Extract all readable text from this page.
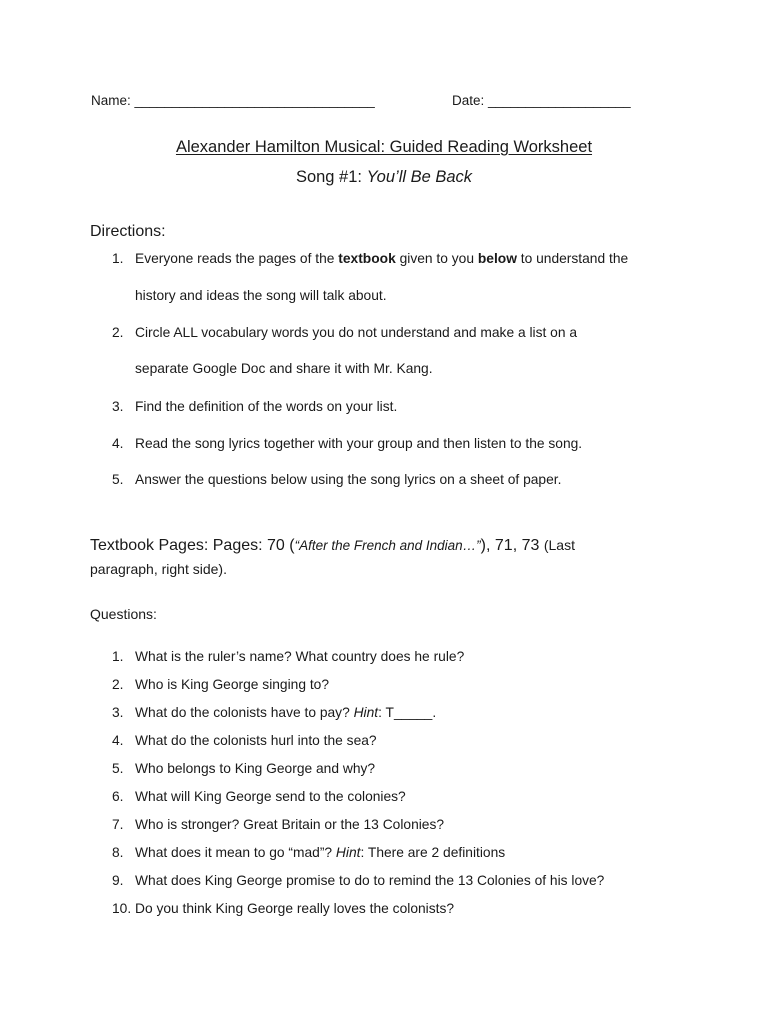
Name: ________________________________	Date: ___________________
Alexander Hamilton Musical: Guided Reading Worksheet
Song #1: You’ll Be Back
Directions:
1. Everyone reads the pages of the textbook given to you below to understand the
history and ideas the song will talk about.
2. Circle ALL vocabulary words you do not understand and make a list on a
separate Google Doc and share it with Mr. Kang.
3. Find the definition of the words on your list.
4. Read the song lyrics together with your group and then listen to the song.
5. Answer the questions below using the song lyrics on a sheet of paper.
Textbook Pages: Pages: 70 (“After the French and Indian…”), 71, 73 (Last
paragraph, right side).
Questions:
1. What is the ruler’s name? What country does he rule?
2. Who is King George singing to?
3. What do the colonists have to pay? Hint: T_____.
4. What do the colonists hurl into the sea?
5. Who belongs to King George and why?
6. What will King George send to the colonies?
7. Who is stronger? Great Britain or the 13 Colonies?
8. What does it mean to go “mad”? Hint: There are 2 definitions
9. What does King George promise to do to remind the 13 Colonies of his love?
10. Do you think King George really loves the colonists?
